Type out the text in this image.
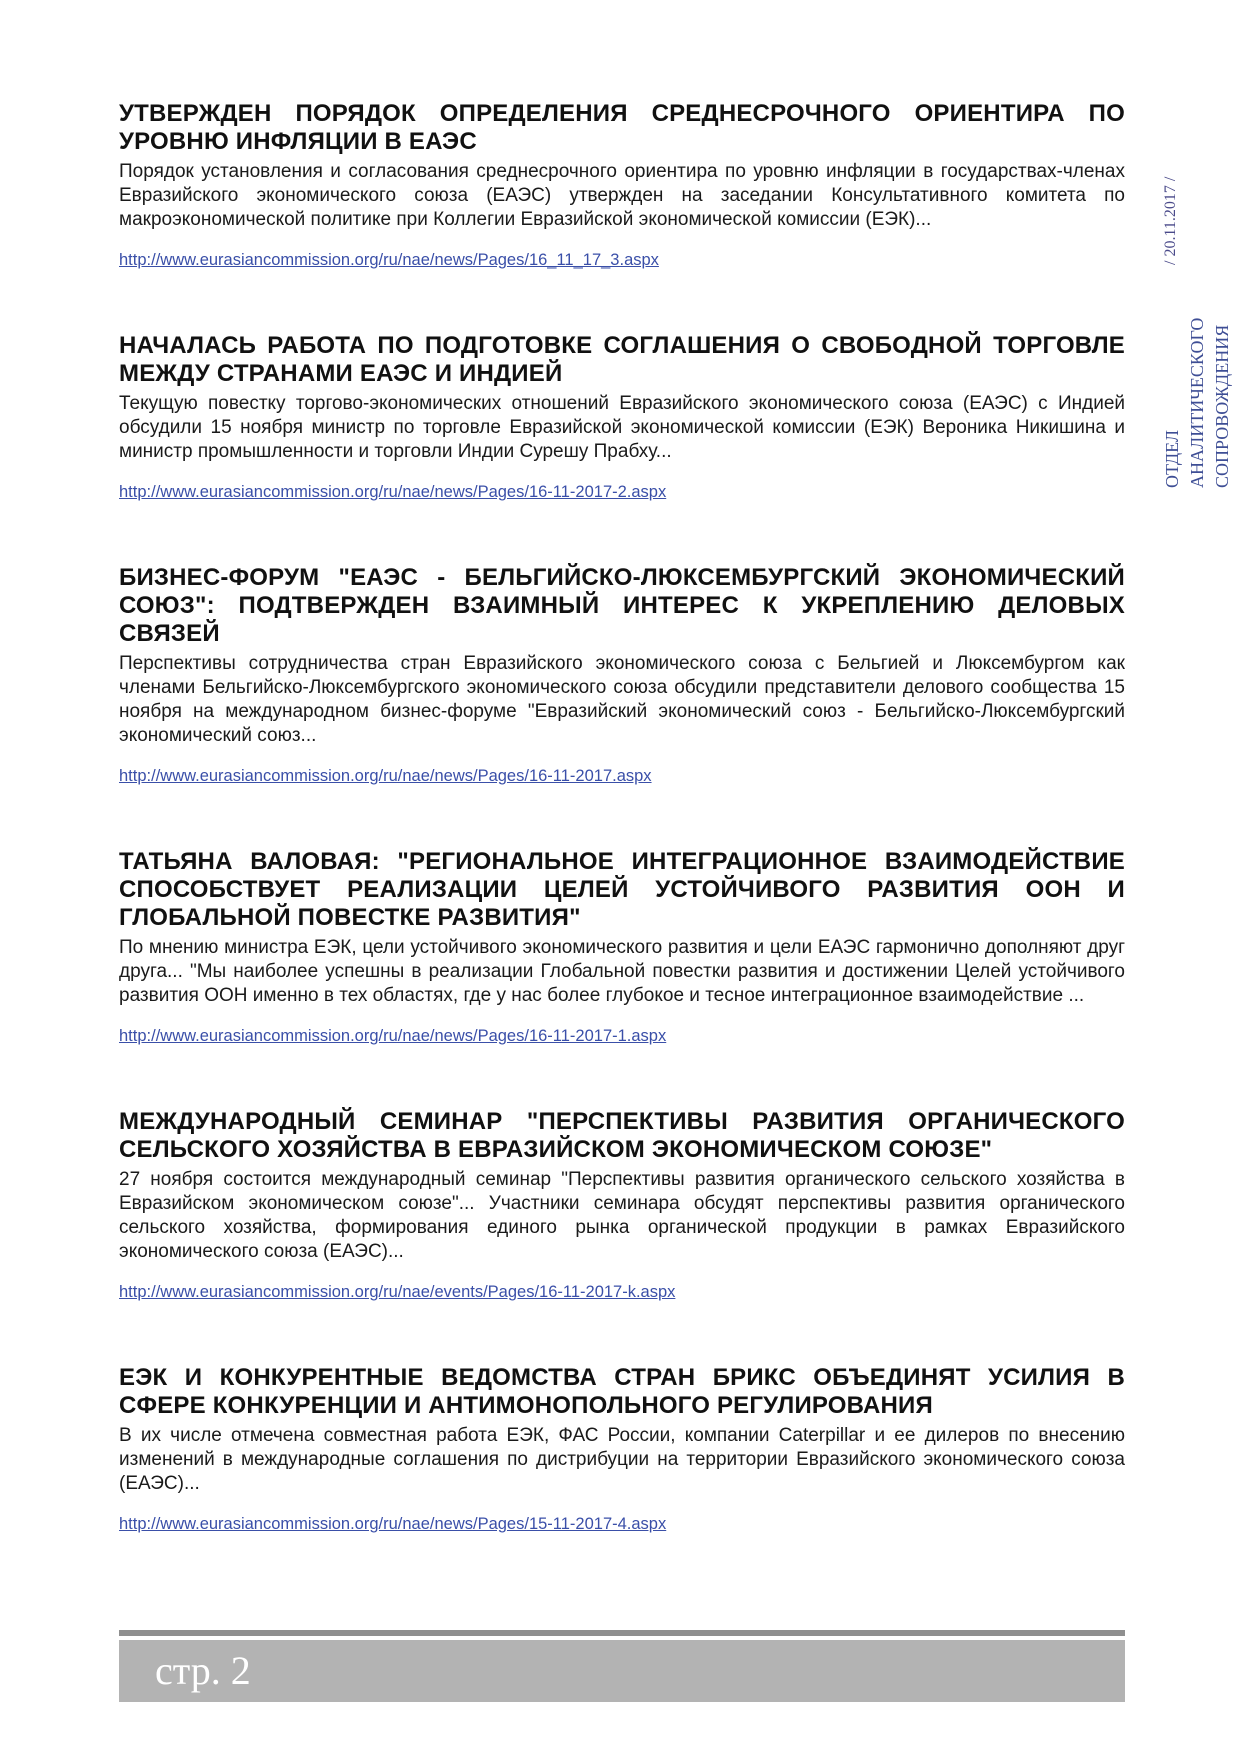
/ 20.11.2017 /
ОТДЕЛ АНАЛИТИЧЕСКОГО СОПРОВОЖДЕНИЯ
УТВЕРЖДЕН ПОРЯДОК ОПРЕДЕЛЕНИЯ СРЕДНЕСРОЧНОГО ОРИЕНТИРА ПО УРОВНЮ ИНФЛЯЦИИ В ЕАЭС
Порядок установления и согласования среднесрочного ориентира по уровню инфляции в государствах-членах Евразийского экономического союза (ЕАЭС) утвержден на заседании Консультативного комитета по макроэкономической политике при Коллегии Евразийской экономической комиссии (ЕЭК)...
http://www.eurasiancommission.org/ru/nae/news/Pages/16_11_17_3.aspx
НАЧАЛАСЬ РАБОТА ПО ПОДГОТОВКЕ СОГЛАШЕНИЯ О СВОБОДНОЙ ТОРГОВЛЕ МЕЖДУ СТРАНАМИ ЕАЭС И ИНДИЕЙ
Текущую повестку торгово-экономических отношений Евразийского экономического союза (ЕАЭС) с Индией обсудили 15 ноября министр по торговле Евразийской экономической комиссии (ЕЭК) Вероника Никишина и министр промышленности и торговли Индии Сурешу Прабху...
http://www.eurasiancommission.org/ru/nae/news/Pages/16-11-2017-2.aspx
БИЗНЕС-ФОРУМ "ЕАЭС - БЕЛЬГИЙСКО-ЛЮКСЕМБУРГСКИЙ ЭКОНОМИЧЕСКИЙ СОЮЗ": ПОДТВЕРЖДЕН ВЗАИМНЫЙ ИНТЕРЕС К УКРЕПЛЕНИЮ ДЕЛОВЫХ СВЯЗЕЙ
Перспективы сотрудничества стран Евразийского экономического союза с Бельгией и Люксембургом как членами Бельгийско-Люксембургского экономического союза обсудили представители делового сообщества 15 ноября на международном бизнес-форуме "Евразийский экономический союз - Бельгийско-Люксембургский экономический союз...
http://www.eurasiancommission.org/ru/nae/news/Pages/16-11-2017.aspx
ТАТЬЯНА ВАЛОВАЯ: "РЕГИОНАЛЬНОЕ ИНТЕГРАЦИОННОЕ ВЗАИМОДЕЙСТВИЕ СПОСОБСТВУЕТ РЕАЛИЗАЦИИ ЦЕЛЕЙ УСТОЙЧИВОГО РАЗВИТИЯ ООН И ГЛОБАЛЬНОЙ ПОВЕСТКЕ РАЗВИТИЯ"
По мнению министра ЕЭК, цели устойчивого экономического развития и цели ЕАЭС гармонично дополняют друг друга... "Мы наиболее успешны в реализации Глобальной повестки развития и достижении Целей устойчивого развития ООН именно в тех областях, где у нас более глубокое и тесное интеграционное взаимодействие ...
http://www.eurasiancommission.org/ru/nae/news/Pages/16-11-2017-1.aspx
МЕЖДУНАРОДНЫЙ СЕМИНАР "ПЕРСПЕКТИВЫ РАЗВИТИЯ ОРГАНИЧЕСКОГО СЕЛЬСКОГО ХОЗЯЙСТВА В ЕВРАЗИЙСКОМ ЭКОНОМИЧЕСКОМ СОЮЗЕ"
27 ноября состоится международный семинар "Перспективы развития органического сельского хозяйства в Евразийском экономическом союзе"... Участники семинара обсудят перспективы развития органического сельского хозяйства, формирования единого рынка органической продукции в рамках Евразийского экономического союза (ЕАЭС)...
http://www.eurasiancommission.org/ru/nae/events/Pages/16-11-2017-k.aspx
ЕЭК И КОНКУРЕНТНЫЕ ВЕДОМСТВА СТРАН БРИКС ОБЪЕДИНЯТ УСИЛИЯ В СФЕРЕ КОНКУРЕНЦИИ И АНТИМОНОПОЛЬНОГО РЕГУЛИРОВАНИЯ
В их числе отмечена совместная работа ЕЭК, ФАС России, компании Caterpillar и ее дилеров по внесению изменений в международные соглашения по дистрибуции на территории Евразийского экономического союза (ЕАЭС)...
http://www.eurasiancommission.org/ru/nae/news/Pages/15-11-2017-4.aspx
стр. 2
